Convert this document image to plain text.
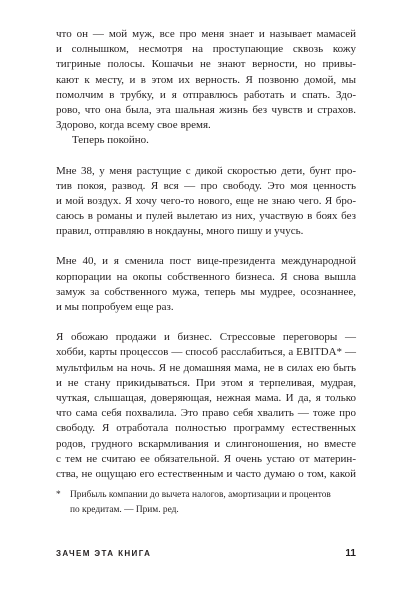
что он — мой муж, все про меня знает и называет мамасей
и солнышком, несмотря на проступающие сквозь кожу
тигриные полосы. Кошачьи не знают верности, но привы-
кают к месту, и в этом их верность. Я позвоню домой, мы
помолчим в трубку, и я отправлюсь работать и спать. Здо-
рово, что она была, эта шальная жизнь без чувств и страхов.
Здорово, когда всему свое время.
Теперь покойно.
Мне 38, у меня растущие с дикой скоростью дети, бунт про-
тив покоя, развод. Я вся — про свободу. Это моя ценность
и мой воздух. Я хочу чего-то нового, еще не знаю чего. Я бро-
саюсь в романы и пулей вылетаю из них, участвую в боях без
правил, отправляю в нокдауны, много пишу и учусь.
Мне 40, и я сменила пост вице-президента международной
корпорации на окопы собственного бизнеса. Я снова вышла
замуж за собственного мужа, теперь мы мудрее, осознаннее,
и мы попробуем еще раз.
Я обожаю продажи и бизнес. Стрессовые переговоры —
хобби, карты процессов — способ расслабиться, а EBITDA* —
мультфильм на ночь. Я не домашняя мама, не в силах ею быть
и не стану прикидываться. При этом я терпеливая, мудрая,
чуткая, слышащая, доверяющая, нежная мама. И да, я только
что сама себя похвалила. Это право себя хвалить — тоже про
свободу. Я отработала полностью программу естественных
родов, грудного вскармливания и слингоношения, но вместе
с тем не считаю ее обязательной. Я очень устаю от материн-
ства, не ощущаю его естественным и часто думаю о том, какой
* Прибыль компании до вычета налогов, амортизации и процентов
по кредитам. — Прим. ред.
ЗАЧЕМ ЭТА КНИГА	11
